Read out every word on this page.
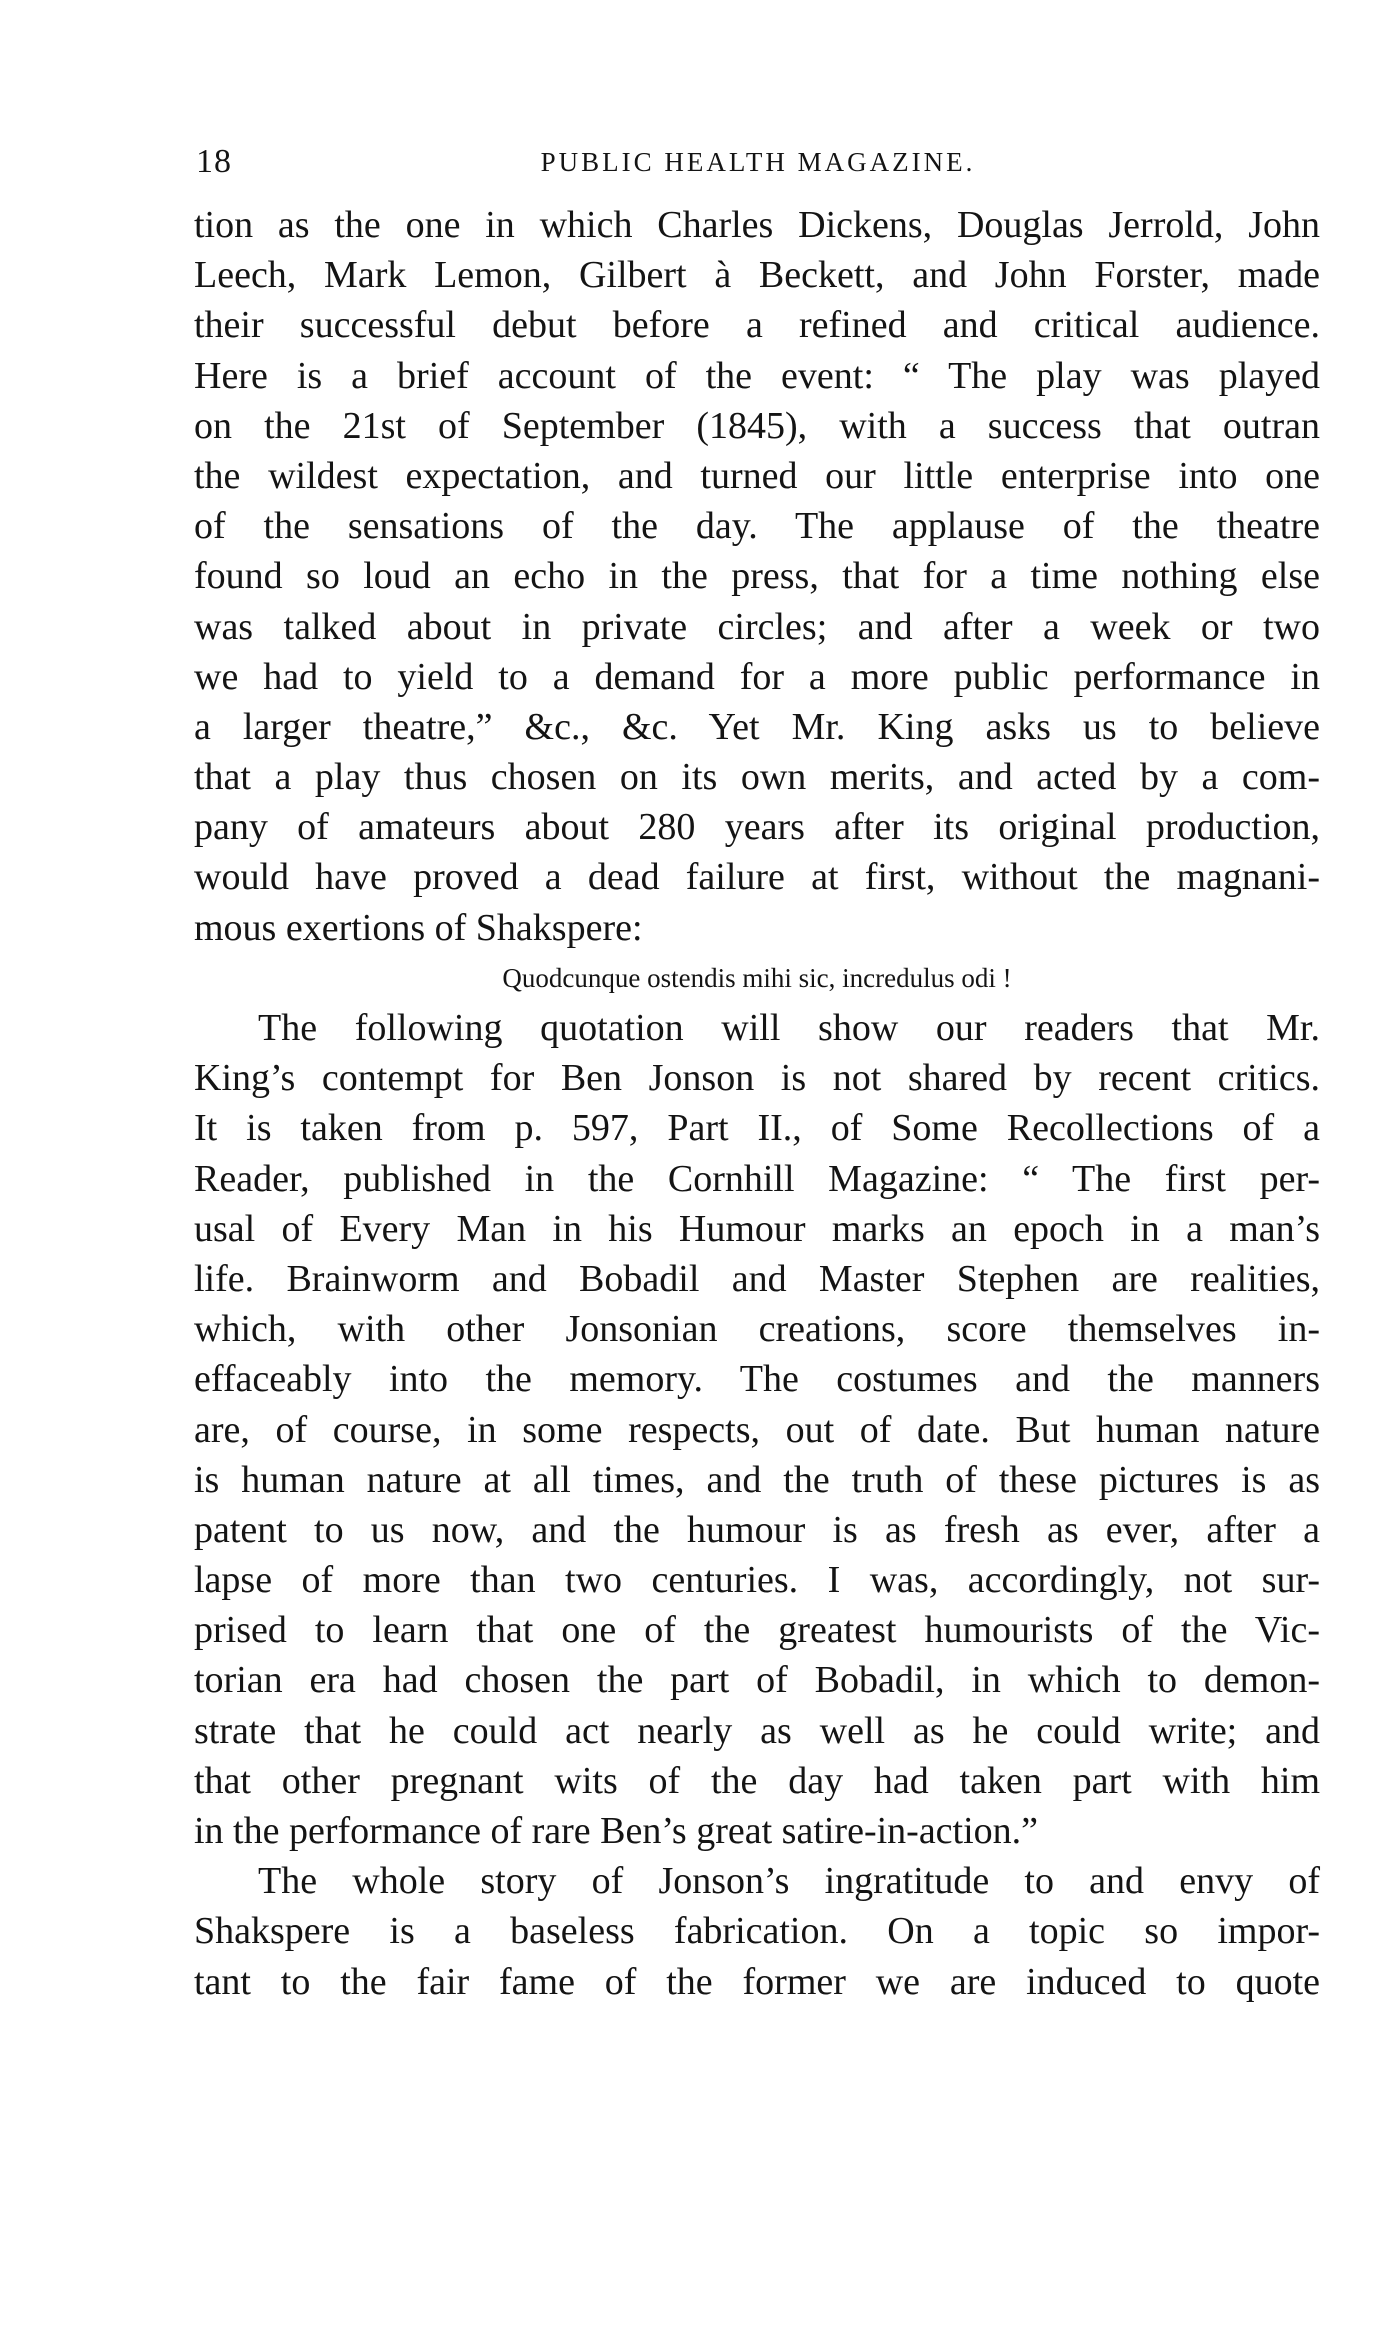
18	PUBLIC HEALTH MAGAZINE.
tion as the one in which Charles Dickens, Douglas Jerrold, John
Leech, Mark Lemon, Gilbert à Beckett, and John Forster, made
their successful debut before a refined and critical audience.
Here is a brief account of the event: “ The play was played
on the 21st of September (1845), with a success that outran
the wildest expectation, and turned our little enterprise into one
of the sensations of the day. The applause of the theatre
found so loud an echo in the press, that for a time nothing else
was talked about in private circles; and after a week or two
we had to yield to a demand for a more public performance in
a larger theatre,” &c., &c. Yet Mr. King asks us to believe
that a play thus chosen on its own merits, and acted by a com-
pany of amateurs about 280 years after its original production,
would have proved a dead failure at first, without the magnani-
mous exertions of Shakspere:
Quodcunque ostendis mihi sic, incredulus odi !
The following quotation will show our readers that Mr.
King’s contempt for Ben Jonson is not shared by recent critics.
It is taken from p. 597, Part II., of Some Recollections of a
Reader, published in the Cornhill Magazine: “ The first per-
usal of Every Man in his Humour marks an epoch in a man’s
life. Brainworm and Bobadil and Master Stephen are realities,
which, with other Jonsonian creations, score themselves in-
effaceably into the memory. The costumes and the manners
are, of course, in some respects, out of date. But human nature
is human nature at all times, and the truth of these pictures is as
patent to us now, and the humour is as fresh as ever, after a
lapse of more than two centuries. I was, accordingly, not sur-
prised to learn that one of the greatest humourists of the Vic-
torian era had chosen the part of Bobadil, in which to demon-
strate that he could act nearly as well as he could write; and
that other pregnant wits of the day had taken part with him
in the performance of rare Ben’s great satire-in-action.”
The whole story of Jonson’s ingratitude to and envy of
Shakspere is a baseless fabrication. On a topic so impor-
tant to the fair fame of the former we are induced to quote
